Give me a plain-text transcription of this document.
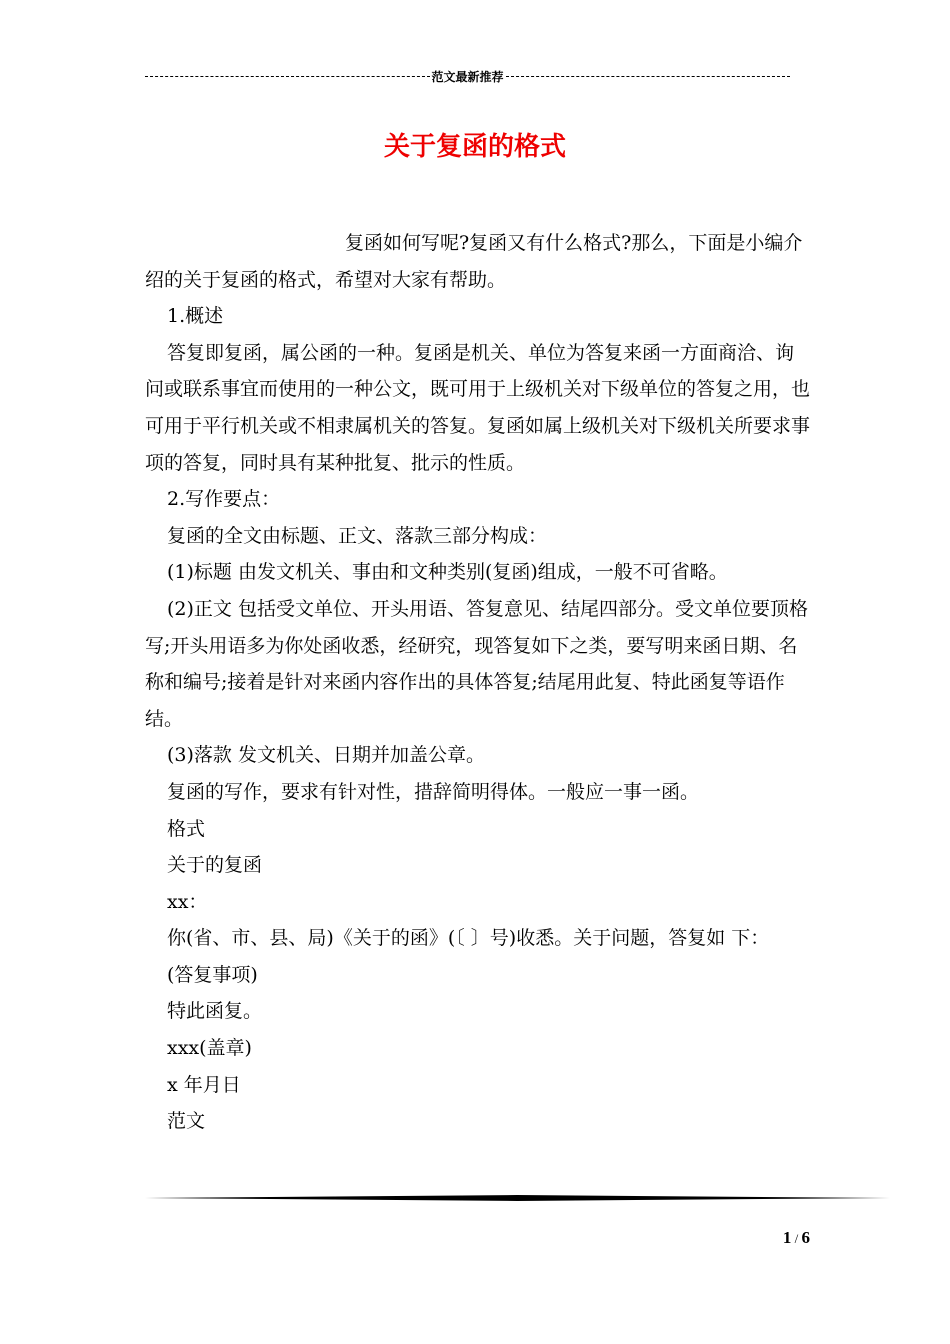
范文最新推荐
关于复函的格式

复函如何写呢?复函又有什么格式?那么，下面是小编介绍的关于复函的格式，希望对大家有帮助。

1.概述

答复即复函，属公函的一种。复函是机关、单位为答复来函一方面商洽、询问或联系事宜而使用的一种公文，既可用于上级机关对下级单位的答复之用，也可用于平行机关或不相隶属机关的答复。复函如属上级机关对下级机关所要求事项的答复，同时具有某种批复、批示的性质。

2.写作要点：

复函的全文由标题、正文、落款三部分构成：

(1)标题 由发文机关、事由和文种类别(复函)组成，一般不可省略。

(2)正文 包括受文单位、开头用语、答复意见、结尾四部分。受文单位要顶格写;开头用语多为你处函收悉，经研究，现答复如下之类，要写明来函日期、名称和编号;接着是针对来函内容作出的具体答复;结尾用此复、特此函复等语作结。

(3)落款 发文机关、日期并加盖公章。

复函的写作，要求有针对性，措辞简明得体。一般应一事一函。

格式

关于的复函

xx：

你(省、市、县、局)《关于的函》(〔 〕号)收悉。关于问题，答复如 下：

(答复事项)

特此函复。

xxx(盖章)

x 年月日

范文

1 / 6
